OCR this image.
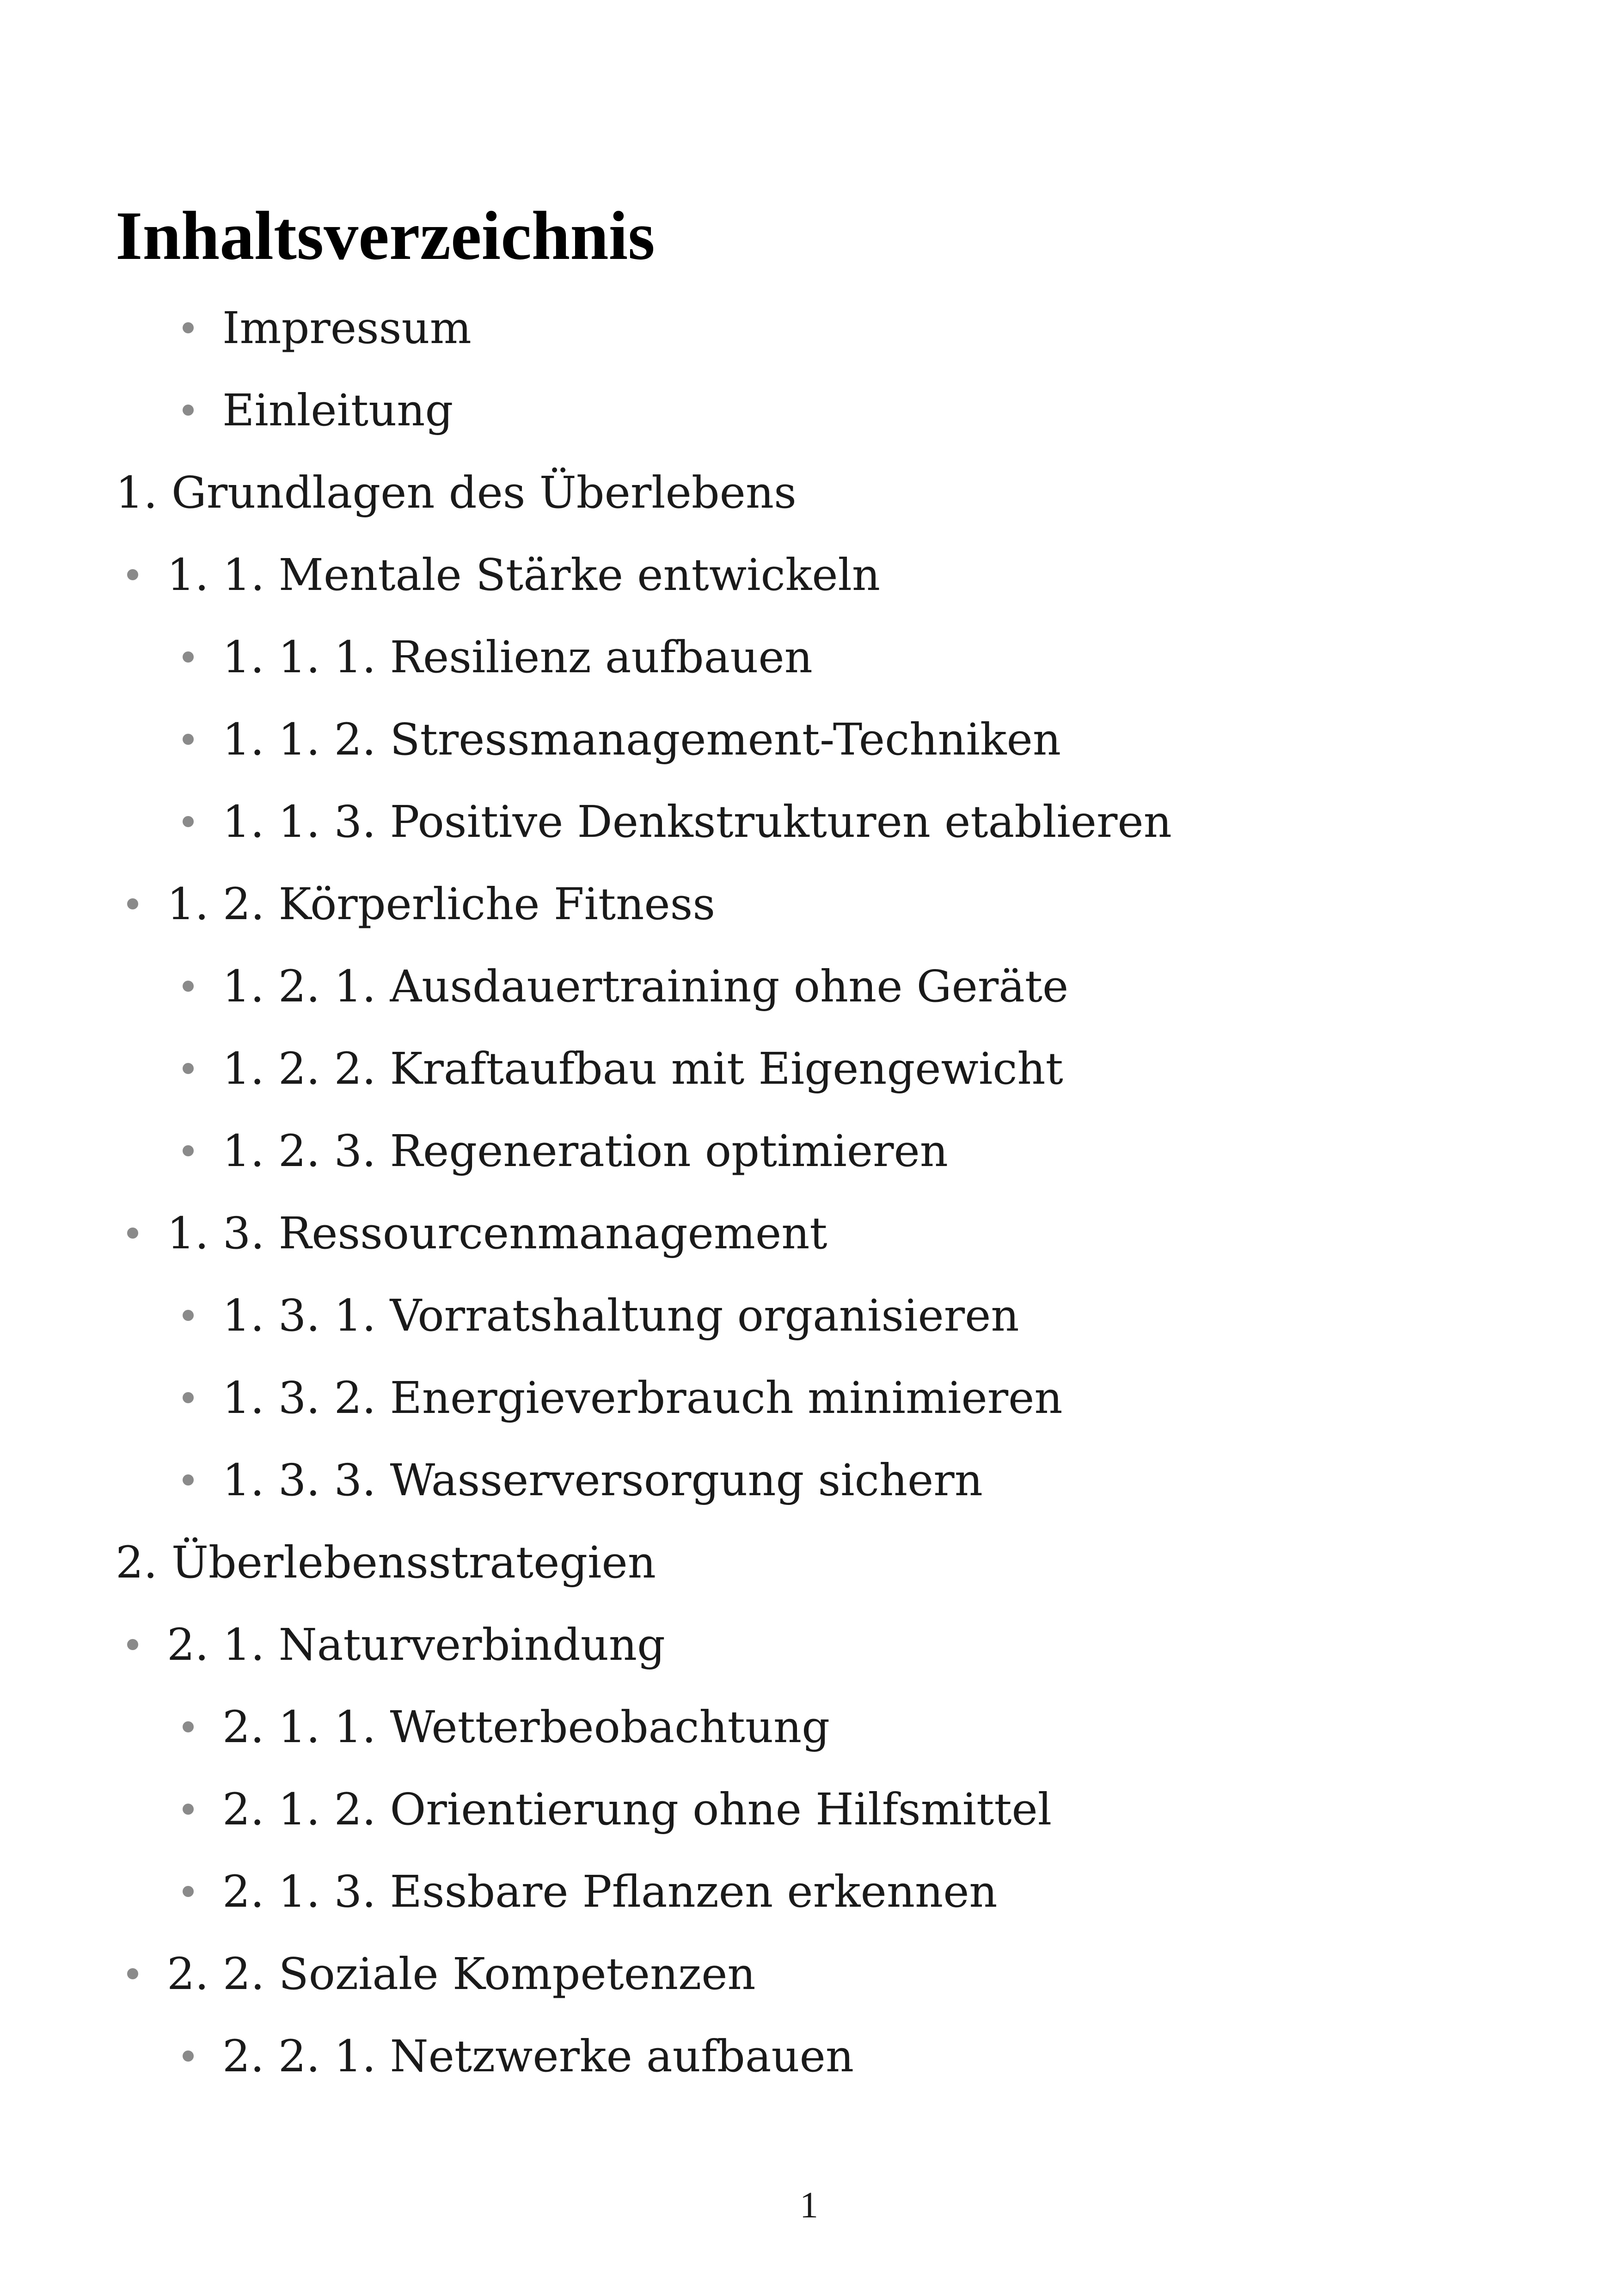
Inhaltsverzeichnis
Impressum
Einleitung
1. Grundlagen des Überlebens
1. 1. Mentale Stärke entwickeln
1. 1. 1. Resilienz aufbauen
1. 1. 2. Stressmanagement-Techniken
1. 1. 3. Positive Denkstrukturen etablieren
1. 2. Körperliche Fitness
1. 2. 1. Ausdauertraining ohne Geräte
1. 2. 2. Kraftaufbau mit Eigengewicht
1. 2. 3. Regeneration optimieren
1. 3. Ressourcenmanagement
1. 3. 1. Vorratshaltung organisieren
1. 3. 2. Energieverbrauch minimieren
1. 3. 3. Wasserversorgung sichern
2. Überlebensstrategien
2. 1. Naturverbindung
2. 1. 1. Wetterbeobachtung
2. 1. 2. Orientierung ohne Hilfsmittel
2. 1. 3. Essbare Pflanzen erkennen
2. 2. Soziale Kompetenzen
2. 2. 1. Netzwerke aufbauen
1
